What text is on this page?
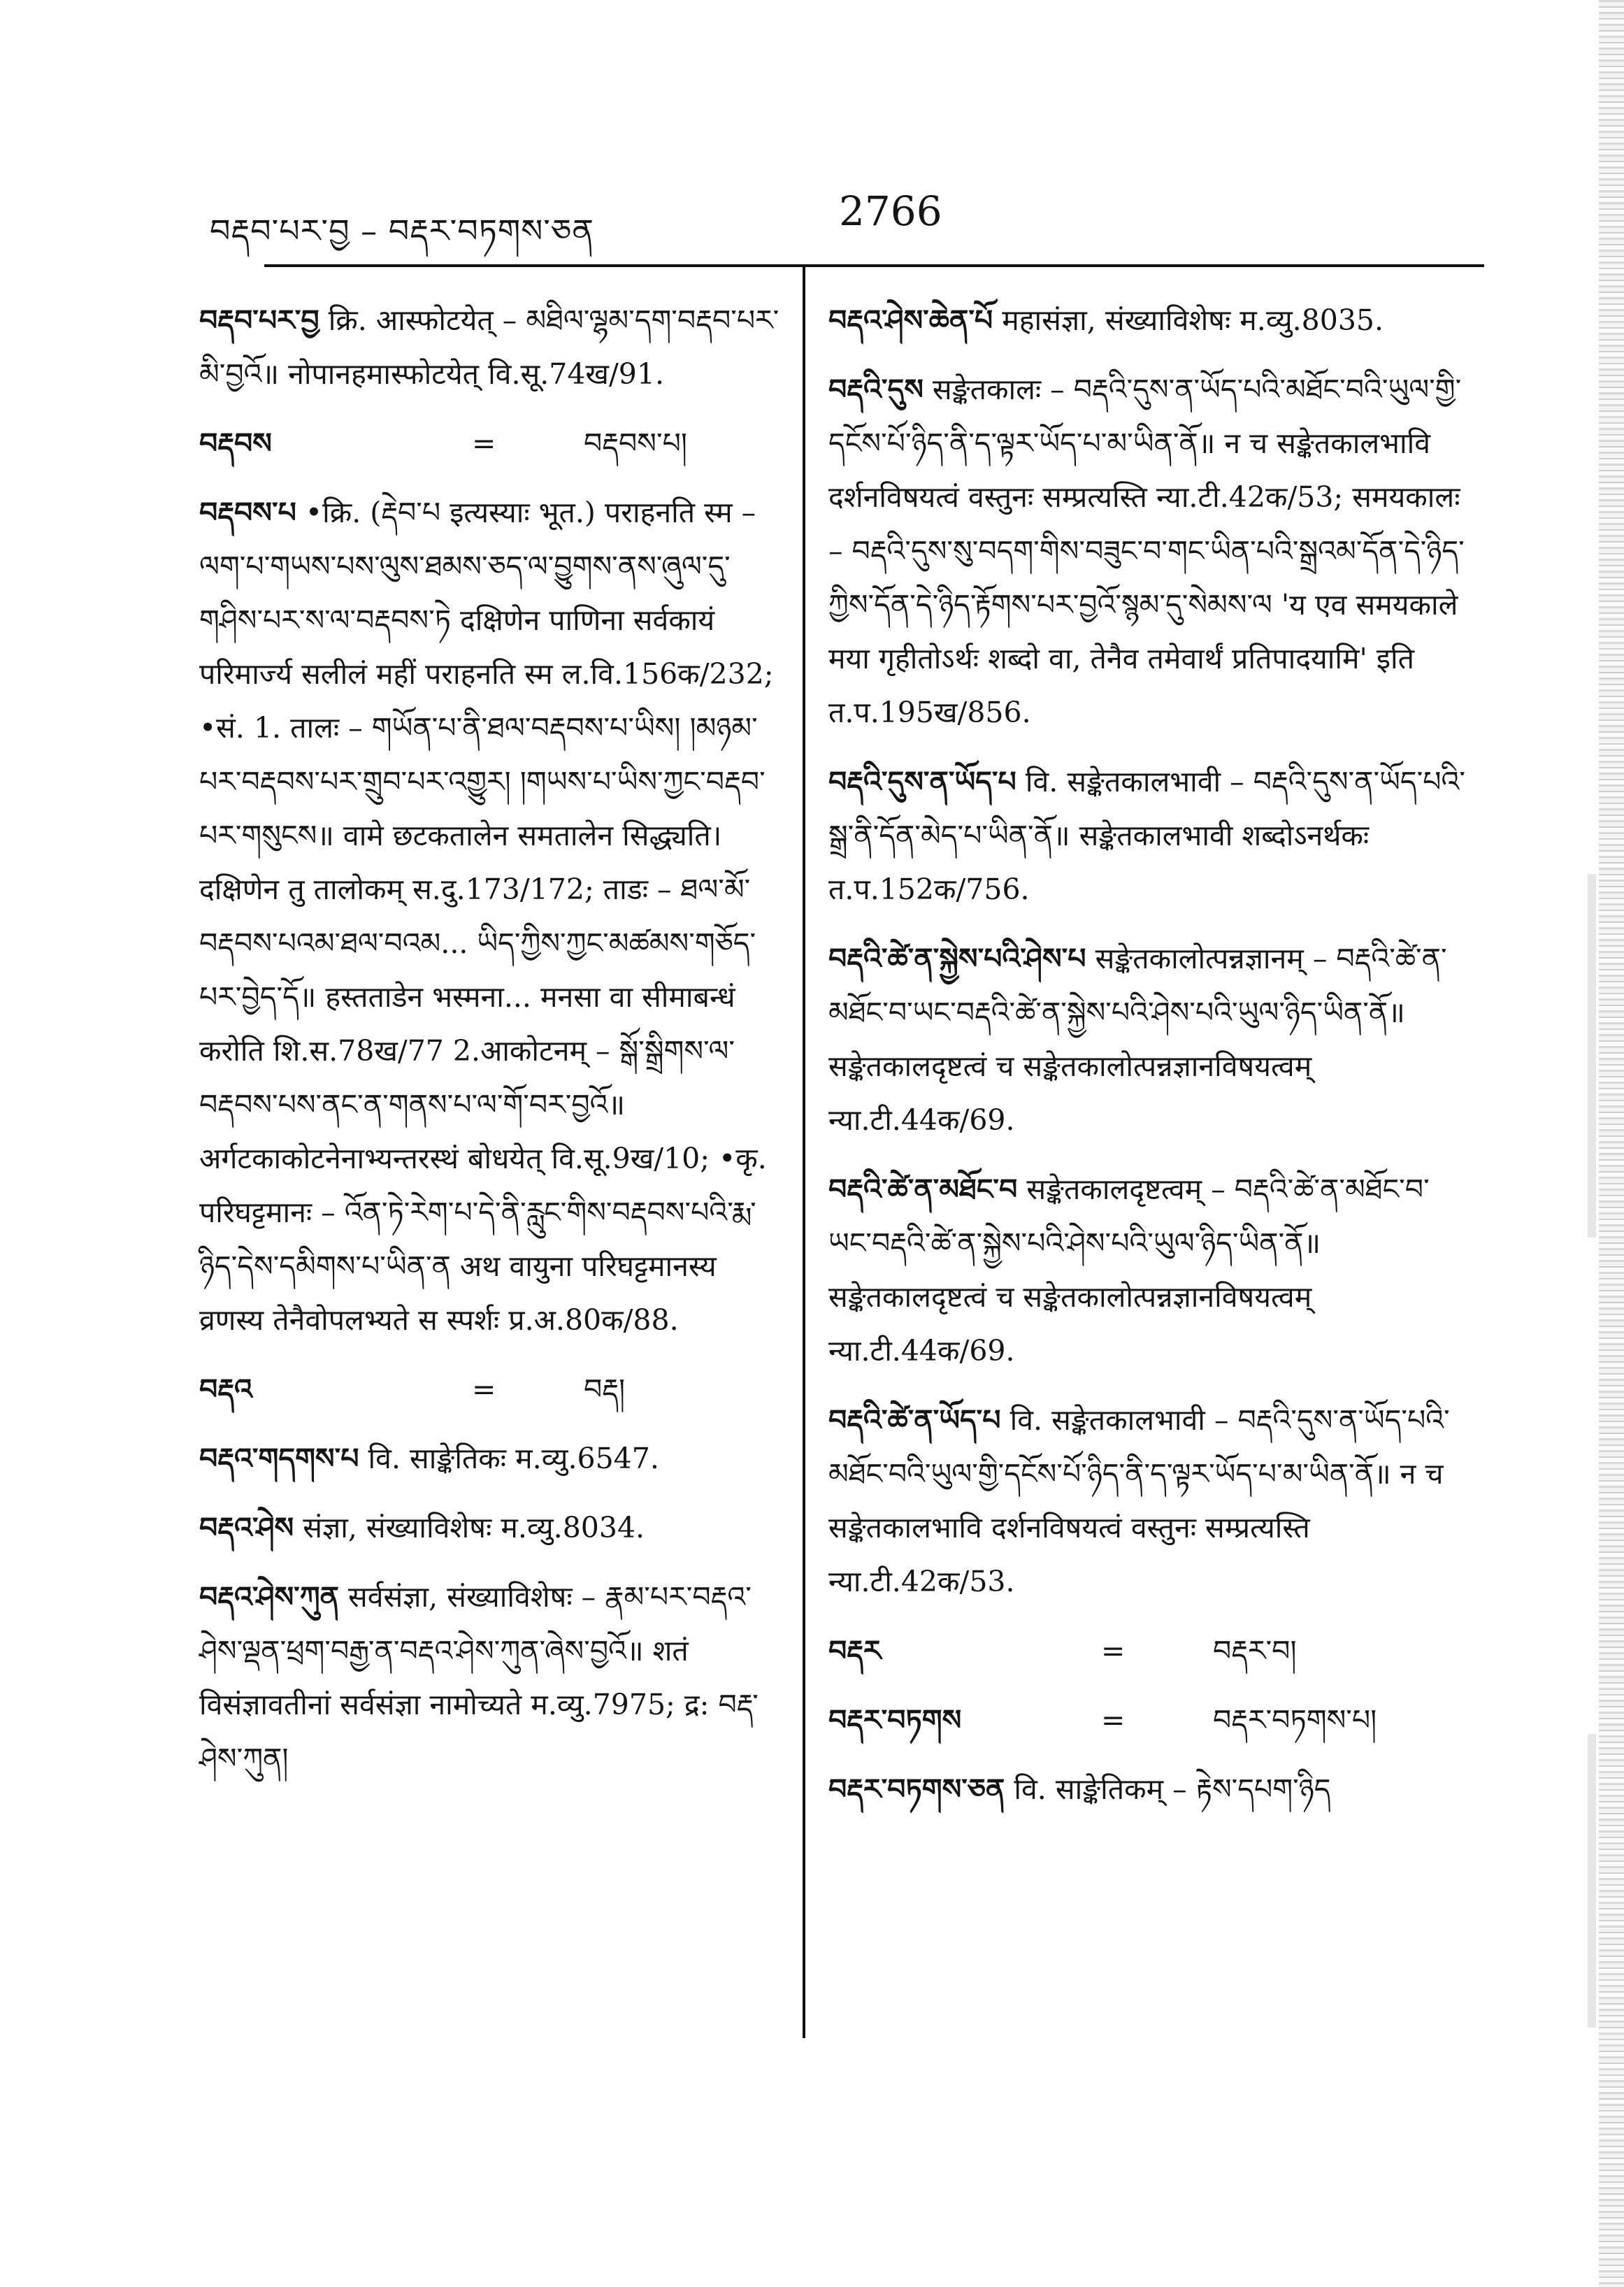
བརྡབ་པར་བྱ – བརྡར་བཏགས་ཅན	2766
བརྡབ་པར་བྱ क्रि. आस्फोटयेत् – མཐིལ་ལྷམ་དག་བརྡབ་པར་མི་བྱའོ॥ नोपानहमास्फोटयेत् वि.सू.74ख/91.
བརྡབས	=	བརྡབས་པ།
བརྡབས་པ •क्रि. (རྡེབ་པ इत्यस्याः भूत.) पराहनति स्म – ལག་པ་གཡས་པས་ལུས་ཐམས་ཅད་ལ་བྱུགས་ནས་ཞུལ་དུ་གཤིས་པར་ས་ལ་བརྡབས་ཏེ दक्षिणेन पाणिना सर्वकायं परिमार्ज्य सलीलं महीं पराहनति स्म ल.वि.156क/232; •सं. 1. तालः – གཡོན་པ་ནི་ཐལ་བརྡབས་པ་ཡིས། །མཉམ་པར་བརྡབས་པར་གྲུབ་པར་འགྱུར། །གཡས་པ་ཡིས་ཀྱང་བརྡབ་པར་གསུངས॥ वामे छटकतालेन समतालेन सिद्ध्यति। दक्षिणेन तु तालोकम् स.दु.173/172; ताडः – ཐལ་མོ་བརྡབས་པའམ་ཐལ་བའམ... ཡིད་ཀྱིས་ཀྱང་མཚམས་གཅོད་པར་བྱེད་དོ॥ हस्तताडेन भस्मना... मनसा वा सीमाबन्धं करोति शि.स.78ख/77 2.आकोटनम् – སྒོ་སྒྲིགས་ལ་བརྡབས་པས་ནང་ན་གནས་པ་ལ་གོ་བར་བྱའོ॥ अर्गटकाकोटनेनाभ्यन्तरस्थं बोधयेत् वि.सू.9ख/10; •कृ. परिघट्टमानः – འོན་ཏེ་རེག་པ་དེ་ནི་རླུང་གིས་བརྡབས་པའི་རྨ་ཉིད་དེས་དམིགས་པ་ཡིན་ན अथ वायुना परिघट्टमानस्य व्रणस्य तेनैवोपलभ्यते स स्पर्शः प्र.अ.80क/88.
བརྡའ	=	བརྡ།
བརྡའ་གདགས་པ वि. साङ्केतिकः म.व्यु.6547.
བརྡའ་ཤེས संज्ञा, संख्याविशेषः म.व्यु.8034.
བརྡའ་ཤེས་ཀུན सर्वसंज्ञा, संख्याविशेषः – རྣམ་པར་བརྡའ་ཤེས་ལྡན་ཕྲག་བརྒྱ་ན་བརྡའ་ཤེས་ཀུན་ཞེས་བྱའོ॥ शतं विसंज्ञावतीनां सर्वसंज्ञा नामोच्यते म.व्यु.7975; द्र: བརྡ་ཤེས་ཀུན།
བརྡའ་ཤེས་ཆེན་པོ महासंज्ञा, संख्याविशेषः म.व्यु.8035.
བརྡའི་དུས सङ्केतकालः – བརྡའི་དུས་ན་ཡོད་པའི་མཐོང་བའི་ཡུལ་གྱི་དངོས་པོ་ཉིད་ནི་ད་ལྟར་ཡོད་པ་མ་ཡིན་ནོ॥ न च सङ्केतकालभावि दर्शनविषयत्वं वस्तुनः सम्प्रत्यस्ति न्या.टी.42क/53; समयकालः – བརྡའི་དུས་སུ་བདག་གིས་བཟུང་བ་གང་ཡིན་པའི་སྒྲའམ་དོན་དེ་ཉིད་ཀྱིས་དོན་དེ་ཉིད་རྟོགས་པར་བྱའོ་སྙམ་དུ་སེམས་ལ 'य एव समयकाले मया गृहीतोऽर्थः शब्दो वा, तेनैव तमेवार्थं प्रतिपादयामि' इति त.प.195ख/856.
བརྡའི་དུས་ན་ཡོད་པ वि. सङ्केतकालभावी – བརྡའི་དུས་ན་ཡོད་པའི་སྒྲ་ནི་དོན་མེད་པ་ཡིན་ནོ॥ सङ्केतकालभावी शब्दोऽनर्थकः त.प.152क/756.
བརྡའི་ཚེ་ན་སྐྱེས་པའི་ཤེས་པ सङ्केतकालोत्पन्नज्ञानम् – བརྡའི་ཚེ་ན་མཐོང་བ་ཡང་བརྡའི་ཚེ་ན་སྐྱེས་པའི་ཤེས་པའི་ཡུལ་ཉིད་ཡིན་ནོ॥ सङ्केतकालदृष्टत्वं च सङ्केतकालोत्पन्नज्ञानविषयत्वम् न्या.टी.44क/69.
བརྡའི་ཚེ་ན་མཐོང་བ सङ्केतकालदृष्टत्वम् – བརྡའི་ཚེ་ན་མཐོང་བ་ཡང་བརྡའི་ཚེ་ན་སྐྱེས་པའི་ཤེས་པའི་ཡུལ་ཉིད་ཡིན་ནོ॥ सङ्केतकालदृष्टत्वं च सङ्केतकालोत्पन्नज्ञानविषयत्वम् न्या.टी.44क/69.
བརྡའི་ཚེ་ན་ཡོད་པ वि. सङ्केतकालभावी – བརྡའི་དུས་ན་ཡོད་པའི་མཐོང་བའི་ཡུལ་གྱི་དངོས་པོ་ཉིད་ནི་ད་ལྟར་ཡོད་པ་མ་ཡིན་ནོ॥ न च सङ्केतकालभावि दर्शनविषयत्वं वस्तुनः सम्प्रत्यस्ति न्या.टी.42क/53.
བརྡར	=	བརྡར་བ།
བརྡར་བཏགས	=	བརྡར་བཏགས་པ།
བརྡར་བཏགས་ཅན वि. साङ्केतिकम् – རྟེས་དཔག་ཉིད
